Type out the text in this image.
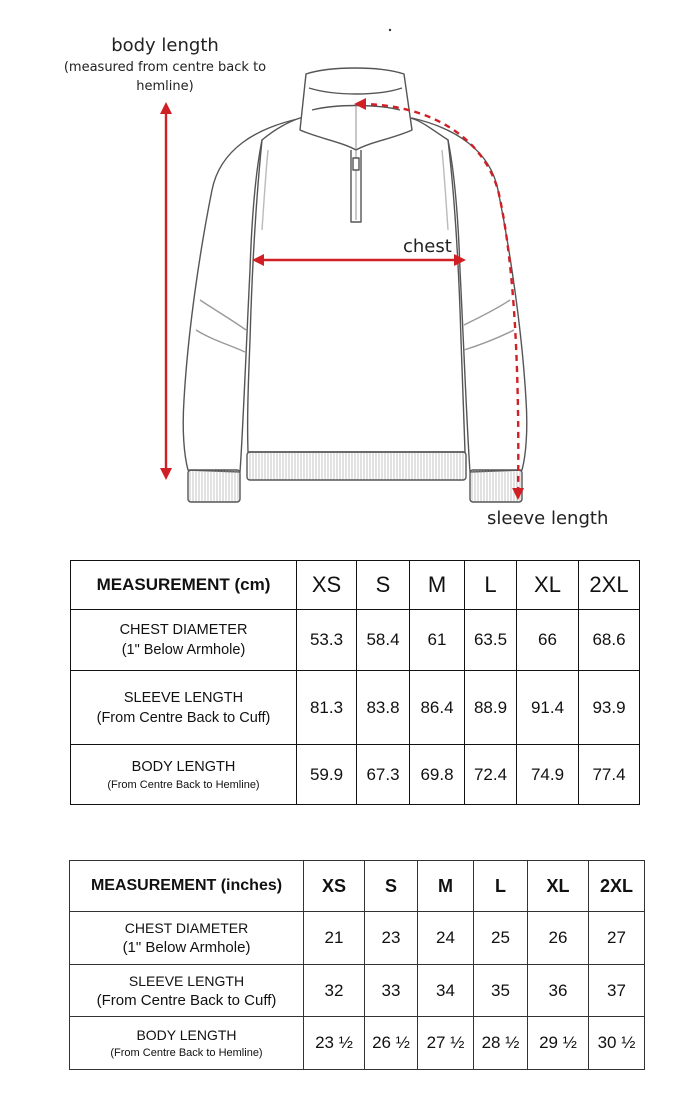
body length
(measured from centre back to hemline)
chest
sleeve length
MEASUREMENT (cm)	XS	S	M	L	XL	2XL

CHEST DIAMETER
(1" Below Armhole)	53.3	58.4	61	63.5	66	68.6

SLEEVE LENGTH
(From Centre Back to Cuff)	81.3	83.8	86.4	88.9	91.4	93.9

BODY LENGTH
(From Centre Back to Hemline)	59.9	67.3	69.8	72.4	74.9	77.4
MEASUREMENT (inches)	XS	S	M	L	XL	2XL

CHEST DIAMETER
(1" Below Armhole)	21	23	24	25	26	27

SLEEVE LENGTH
(From Centre Back to Cuff)	32	33	34	35	36	37

BODY LENGTH
(From Centre Back to Hemline)	23 ½	26 ½	27 ½	28 ½	29 ½	30 ½
